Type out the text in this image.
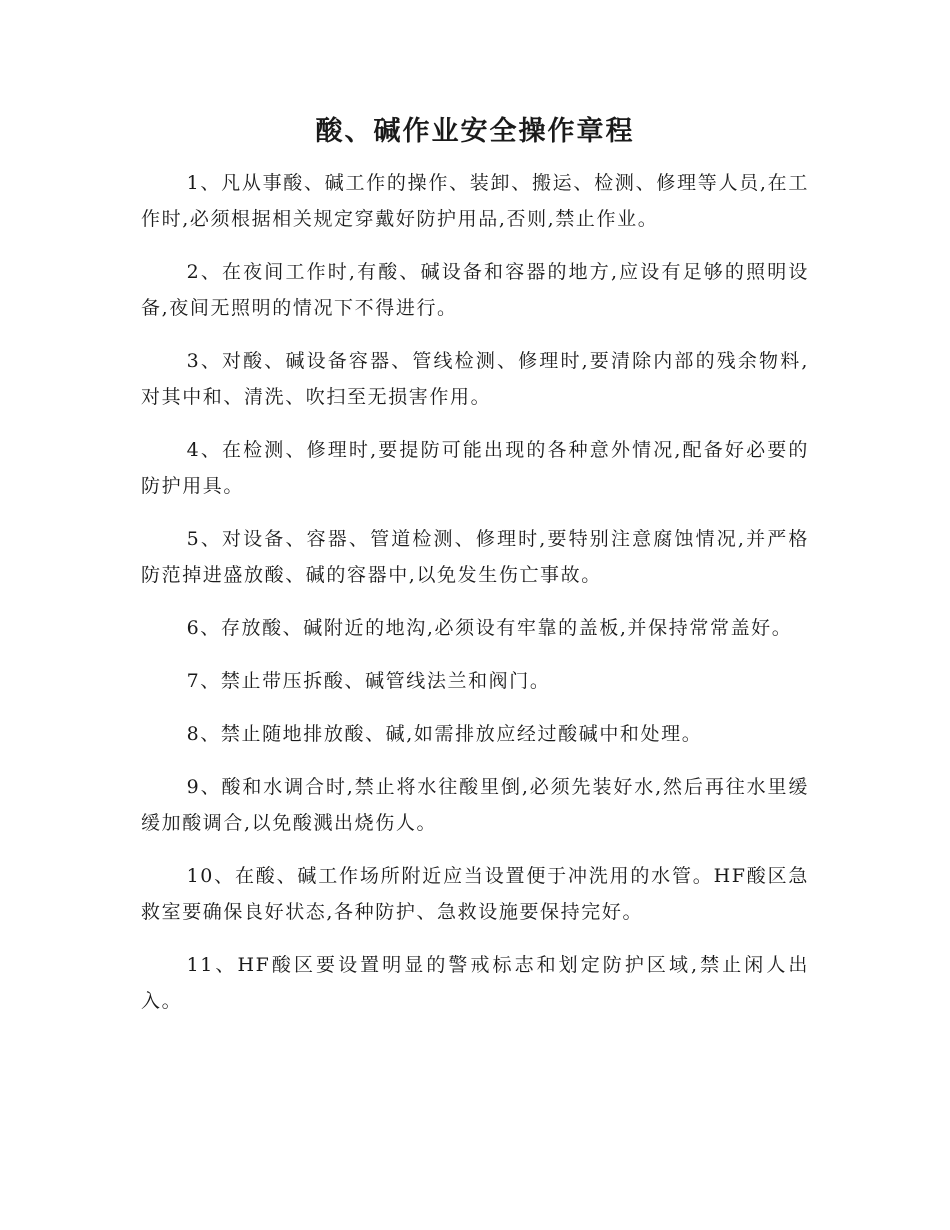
酸、碱作业安全操作章程

1、凡从事酸、碱工作的操作、装卸、搬运、检测、修理等人员,在工作时,必须根据相关规定穿戴好防护用品,否则,禁止作业。

2、在夜间工作时,有酸、碱设备和容器的地方,应设有足够的照明设备,夜间无照明的情况下不得进行。

3、对酸、碱设备容器、管线检测、修理时,要清除内部的残余物料,对其中和、清洗、吹扫至无损害作用。

4、在检测、修理时,要提防可能出现的各种意外情况,配备好必要的防护用具。

5、对设备、容器、管道检测、修理时,要特别注意腐蚀情况,并严格防范掉进盛放酸、碱的容器中,以免发生伤亡事故。

6、存放酸、碱附近的地沟,必须设有牢靠的盖板,并保持常常盖好。

7、禁止带压拆酸、碱管线法兰和阀门。

8、禁止随地排放酸、碱,如需排放应经过酸碱中和处理。

9、酸和水调合时,禁止将水往酸里倒,必须先装好水,然后再往水里缓缓加酸调合,以免酸溅出烧伤人。

10、在酸、碱工作场所附近应当设置便于冲洗用的水管。HF酸区急救室要确保良好状态,各种防护、急救设施要保持完好。

11、HF酸区要设置明显的警戒标志和划定防护区域,禁止闲人出入。
